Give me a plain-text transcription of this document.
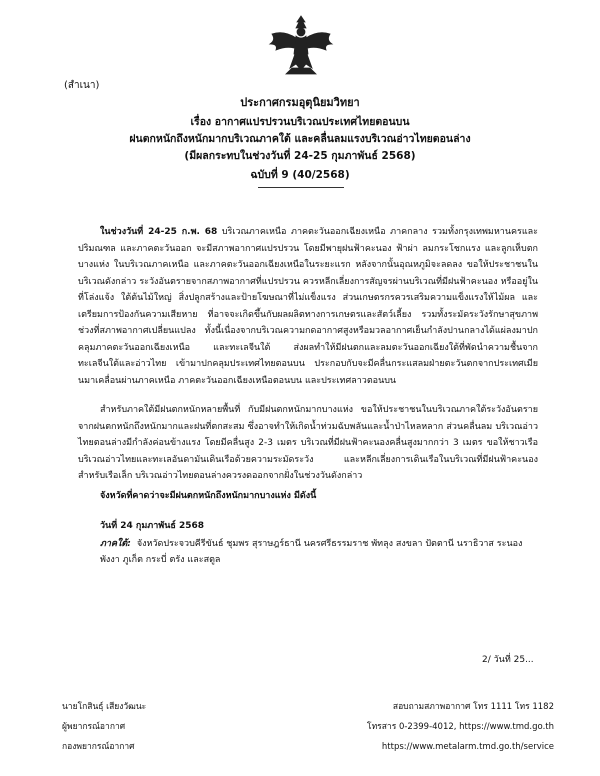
(สำเนา)
ประกาศกรมอุตุนิยมวิทยา
เรื่อง อากาศแปรปรวนบริเวณประเทศไทยตอนบน
ฝนตกหนักถึงหนักมากบริเวณภาคใต้ และคลื่นลมแรงบริเวณอ่าวไทยตอนล่าง
(มีผลกระทบในช่วงวันที่ 24-25 กุมภาพันธ์ 2568)
ฉบับที่ 9 (40/2568)
ในช่วงวันที่ 24-25 ก.พ. 68 บริเวณภาคเหนือ ภาคตะวันออกเฉียงเหนือ ภาคกลาง รวมทั้งกรุงเทพมหานครและปริมณฑล และภาคตะวันออก จะมีสภาพอากาศแปรปรวน โดยมีพายุฝนฟ้าคะนอง ฟ้าผ่า ลมกระโชกแรง และลูกเห็บตกบางแห่ง ในบริเวณภาคเหนือ และภาคตะวันออกเฉียงเหนือในระยะแรก หลังจากนั้นอุณหภูมิจะลดลง ขอให้ประชาชนในบริเวณดังกล่าว ระวังอันตรายจากสภาพอากาศที่แปรปรวน ควรหลีกเลี่ยงการสัญจรผ่านบริเวณที่มีฝนฟ้าคะนอง หรืออยู่ในที่โล่งแจ้ง ใต้ต้นไม้ใหญ่ สิ่งปลูกสร้างและป้ายโฆษณาที่ไม่แข็งแรง ส่วนเกษตรกรควรเสริมความแข็งแรงให้ไม้ผล และเตรียมการป้องกันความเสียหาย ที่อาจจะเกิดขึ้นกับผลผลิตทางการเกษตรและสัตว์เลี้ยง รวมทั้งระมัดระวังรักษาสุขภาพช่วงที่สภาพอากาศเปลี่ยนแปลง ทั้งนี้เนื่องจากบริเวณความกดอากาศสูงหรือมวลอากาศเย็นกำลังปานกลางได้แผ่ลงมาปกคลุมภาคตะวันออกเฉียงเหนือ และทะเลจีนใต้ ส่งผลทำให้มีฝนตกและลมตะวันออกเฉียงใต้ที่พัดนำความชื้นจากทะเลจีนใต้และอ่าวไทย เข้ามาปกคลุมประเทศไทยตอนบน ประกอบกับจะมีคลื่นกระแสลมฝ่ายตะวันตกจากประเทศเมียนมาเคลื่อนผ่านภาคเหนือ ภาคตะวันออกเฉียงเหนือตอนบน และประเทศลาวตอนบน
สำหรับภาคใต้มีฝนตกหนักหลายพื้นที่ กับมีฝนตกหนักมากบางแห่ง ขอให้ประชาชนในบริเวณภาคใต้ระวังอันตราย จากฝนตกหนักถึงหนักมากและฝนที่ตกสะสม ซึ่งอาจทำให้เกิดน้ำท่วมฉับพลันและน้ำป่าไหลหลาก ส่วนคลื่นลม บริเวณอ่าวไทยตอนล่างมีกำลังค่อนข้างแรง โดยมีคลื่นสูง 2-3 เมตร บริเวณที่มีฝนฟ้าคะนองคลื่นสูงมากกว่า 3 เมตร ขอให้ชาวเรือ บริเวณอ่าวไทยและทะเลอันดามันเดินเรือด้วยความระมัดระวัง และหลีกเลี่ยงการเดินเรือในบริเวณที่มีฝนฟ้าคะนอง สำหรับเรือเล็ก บริเวณอ่าวไทยตอนล่างควรงดออกจากฝั่งในช่วงวันดังกล่าว
จังหวัดที่คาดว่าจะมีฝนตกหนักถึงหนักมากบางแห่ง มีดังนี้
วันที่ 24 กุมภาพันธ์ 2568
ภาคใต้: จังหวัดประจวบคีรีขันธ์ ชุมพร สุราษฎร์ธานี นครศรีธรรมราช พัทลุง สงขลา ปัตตานี นราธิวาส ระนอง พังงา ภูเก็ต กระบี่ ตรัง และสตูล
2/ วันที่ 25...
นายโกสินธุ์ เสียงวัฒนะ
ผู้พยากรณ์อากาศ
กองพยากรณ์อากาศ
สอบถามสภาพอากาศ โทร 1111 โทร 1182
โทรสาร 0-2399-4012, https://www.tmd.go.th
https://www.metalarm.tmd.go.th/service
